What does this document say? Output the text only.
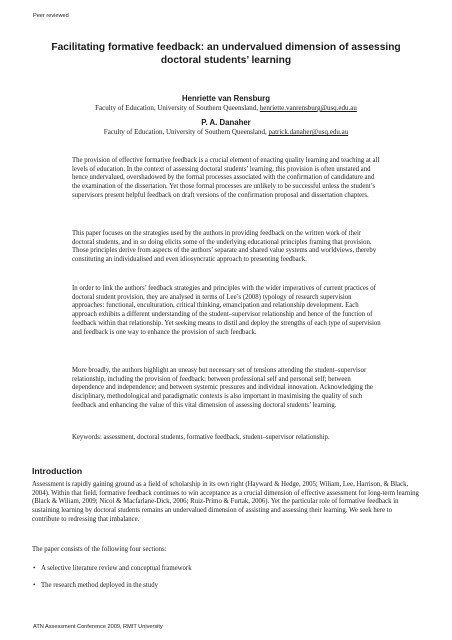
Peer reviewed
Facilitating formative feedback: an undervalued dimension of assessing doctoral students’ learning
Henriette van Rensburg
Faculty of Education, University of Southern Queensland, henriette.vanrensburg@usq.edu.au
P. A. Danaher
Faculty of Education, University of Southern Queensland, patrick.danaher@usq.edu.au

The provision of effective formative feedback is a crucial element of enacting quality learning and teaching at all levels of education. In the context of assessing doctoral students’ learning, this provision is often unstated and hence undervalued, overshadowed by the formal processes associated with the confirmation of candidature and the examination of the dissertation. Yet those formal processes are unlikely to be successful unless the student’s supervisors present helpful feedback on draft versions of the confirmation proposal and dissertation chapters.

This paper focuses on the strategies used by the authors in providing feedback on the written work of their doctoral students, and in so doing elicits some of the underlying educational principles framing that provision. Those principles derive from aspects of the authors’ separate and shared value systems and worldviews, thereby constituting an individualised and even idiosyncratic approach to presenting feedback.

In order to link the authors’ feedback strategies and principles with the wider imperatives of current practices of doctoral student provision, they are analysed in terms of Lee’s (2008) typology of research supervision approaches: functional, enculturation, critical thinking, emancipation and relationship development. Each approach exhibits a different understanding of the student–supervisor relationship and hence of the function of feedback within that relationship. Yet seeking means to distil and deploy the strengths of each type of supervision and feedback is one way to enhance the provision of such feedback.

More broadly, the authors highlight an uneasy but necessary set of tensions attending the student–supervisor relationship, including the provision of feedback: between professional self and personal self; between dependence and independence; and between systemic pressures and individual innovation. Acknowledging the disciplinary, methodological and paradigmatic contexts is also important in maximising the quality of such feedback and enhancing the value of this vital dimension of assessing doctoral students’ learning.

Keywords: assessment, doctoral students, formative feedback, student–supervisor relationship.

Introduction

Assessment is rapidly gaining ground as a field of scholarship in its own right (Hayward & Hedge, 2005; Wiliam, Lee, Harrison, & Black, 2004). Within that field, formative feedback continues to win acceptance as a crucial dimension of effective assessment for long-term learning (Black & Wiliam, 2009; Nicol & Macfarlane-Dick, 2006; Ruiz-Primo & Furtak, 2006). Yet the particular role of formative feedback in sustaining learning by doctoral students remains an undervalued dimension of assisting and assessing their learning. We seek here to contribute to redressing that imbalance.

The paper consists of the following four sections:

• A selective literature review and conceptual framework
• The research method deployed in the study
ATN Assessment Conference 2009, RMIT University
